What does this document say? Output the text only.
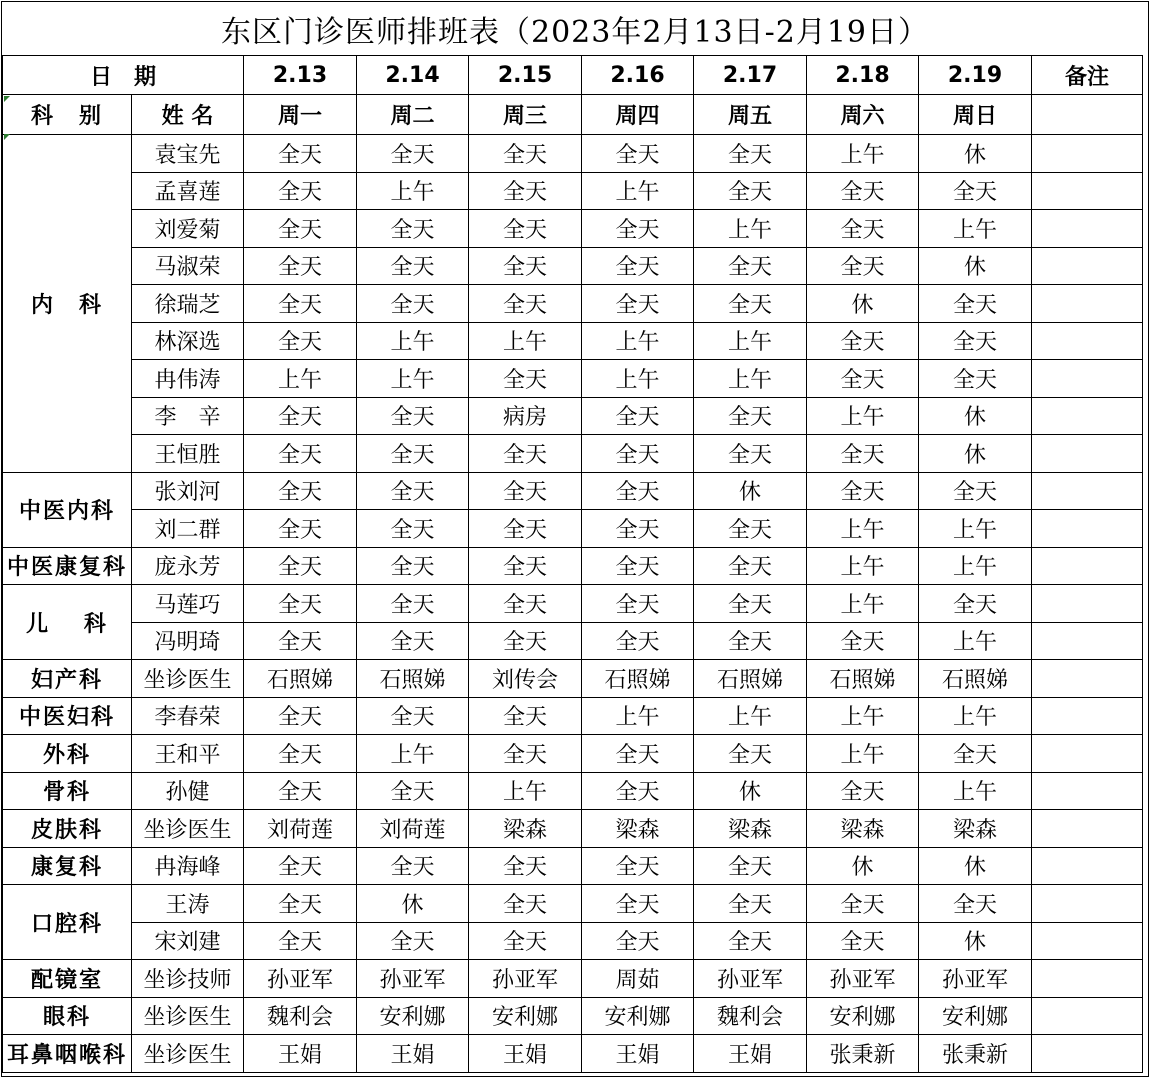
东区门诊医师排班表（2023年2月13日-2月19日）
日　期		2.13	2.14	2.15	2.16	2.17	2.18	2.19	备注
科　别	姓 名	周一	周二	周三	周四	周五	周六	周日	
内　科	袁宝先	全天	全天	全天	全天	全天	上午	休	
	孟喜莲	全天	上午	全天	上午	全天	全天	全天	
	刘爱菊	全天	全天	全天	全天	上午	全天	上午	
	马淑荣	全天	全天	全天	全天	全天	全天	休	
	徐瑞芝	全天	全天	全天	全天	全天	休	全天	
	林深选	全天	上午	上午	上午	上午	全天	全天	
	冉伟涛	上午	上午	全天	上午	上午	全天	全天	
	李　辛	全天	全天	病房	全天	全天	上午	休	
	王恒胜	全天	全天	全天	全天	全天	全天	休	
中医内科	张刘河	全天	全天	全天	全天	休	全天	全天	
	刘二群	全天	全天	全天	全天	全天	上午	上午	
中医康复科	庞永芳	全天	全天	全天	全天	全天	上午	上午	
儿　 科	马莲巧	全天	全天	全天	全天	全天	上午	全天	
	冯明琦	全天	全天	全天	全天	全天	全天	上午	
妇产科	坐诊医生	石照娣	石照娣	刘传会	石照娣	石照娣	石照娣	石照娣	
中医妇科	李春荣	全天	全天	全天	上午	上午	上午	上午	
外科	王和平	全天	上午	全天	全天	全天	上午	全天	
骨科	孙健	全天	全天	上午	全天	休	全天	上午	
皮肤科	坐诊医生	刘荷莲	刘荷莲	梁森	梁森	梁森	梁森	梁森	
康复科	冉海峰	全天	全天	全天	全天	全天	休	休	
口腔科	王涛	全天	休	全天	全天	全天	全天	全天	
	宋刘建	全天	全天	全天	全天	全天	全天	休	
配镜室	坐诊技师	孙亚军	孙亚军	孙亚军	周茹	孙亚军	孙亚军	孙亚军	
眼科	坐诊医生	魏利会	安利娜	安利娜	安利娜	魏利会	安利娜	安利娜	
耳鼻咽喉科	坐诊医生	王娟	王娟	王娟	王娟	王娟	张秉新	张秉新	
